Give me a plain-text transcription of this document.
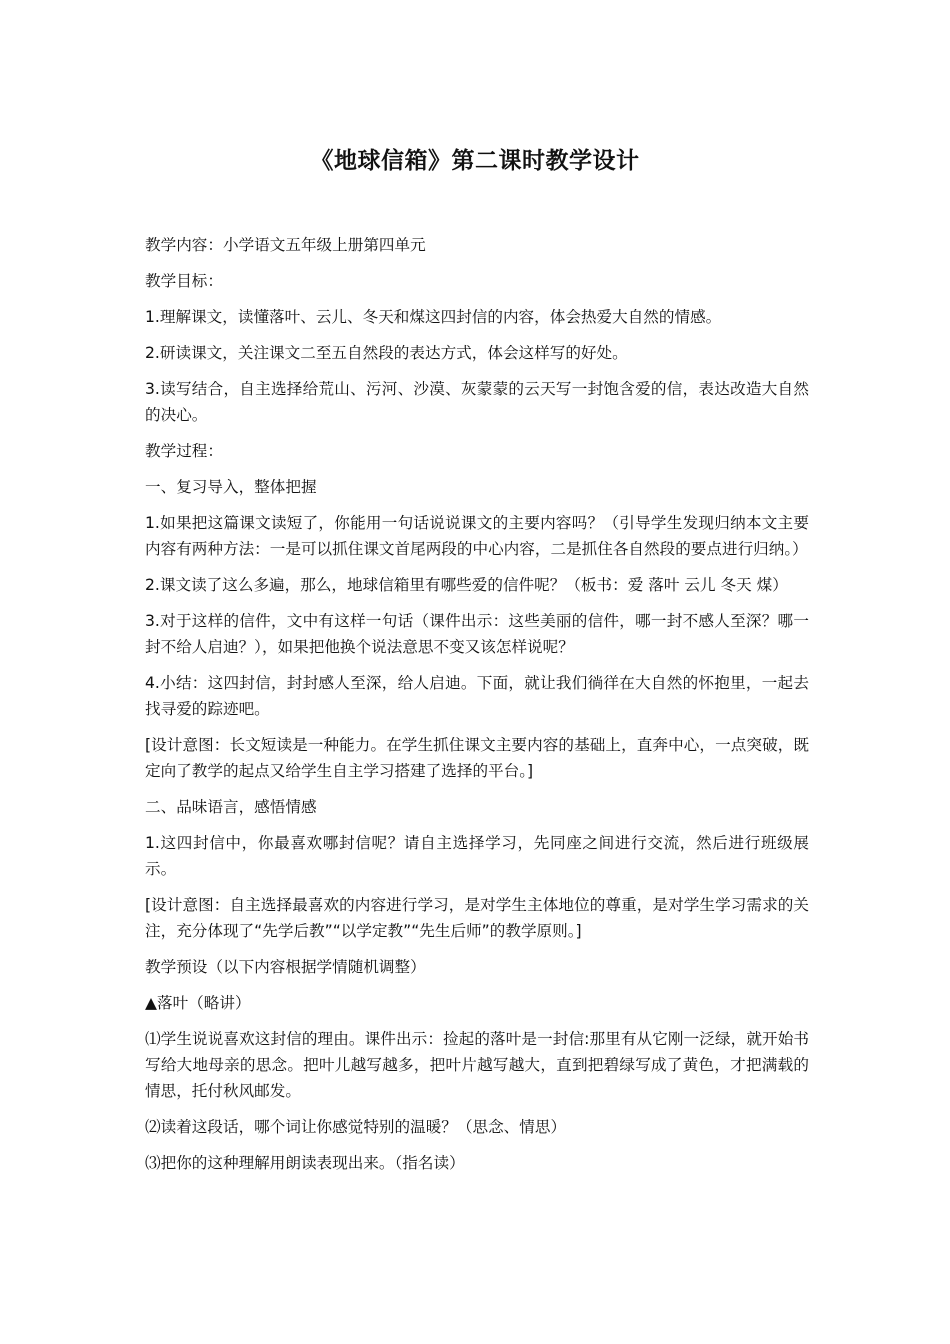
《地球信箱》第二课时教学设计

教学内容：小学语文五年级上册第四单元

教学目标：

1.理解课文，读懂落叶、云儿、冬天和煤这四封信的内容，体会热爱大自然的情感。

2.研读课文，关注课文二至五自然段的表达方式，体会这样写的好处。

3.读写结合，自主选择给荒山、污河、沙漠、灰蒙蒙的云天写一封饱含爱的信，表达改造大自然的决心。

教学过程：

一、复习导入，整体把握

1.如果把这篇课文读短了，你能用一句话说说课文的主要内容吗？（引导学生发现归纳本文主要内容有两种方法：一是可以抓住课文首尾两段的中心内容，二是抓住各自然段的要点进行归纳。）

2.课文读了这么多遍，那么，地球信箱里有哪些爱的信件呢？（板书：爱 落叶 云儿 冬天 煤）

3.对于这样的信件，文中有这样一句话（课件出示：这些美丽的信件，哪一封不感人至深？哪一封不给人启迪？），如果把他换个说法意思不变又该怎样说呢？

4.小结：这四封信，封封感人至深，给人启迪。下面，就让我们徜徉在大自然的怀抱里，一起去找寻爱的踪迹吧。

[设计意图：长文短读是一种能力。在学生抓住课文主要内容的基础上，直奔中心，一点突破，既定向了教学的起点又给学生自主学习搭建了选择的平台。]

二、品味语言，感悟情感

1.这四封信中，你最喜欢哪封信呢？请自主选择学习，先同座之间进行交流，然后进行班级展示。

[设计意图：自主选择最喜欢的内容进行学习，是对学生主体地位的尊重，是对学生学习需求的关注，充分体现了“先学后教”“以学定教”“先生后师”的教学原则。]

教学预设（以下内容根据学情随机调整）

▲落叶（略讲）

⑴学生说说喜欢这封信的理由。课件出示：捡起的落叶是一封信:那里有从它刚一泛绿，就开始书写给大地母亲的思念。把叶儿越写越多，把叶片越写越大，直到把碧绿写成了黄色，才把满载的情思，托付秋风邮发。

⑵读着这段话，哪个词让你感觉特别的温暖？（思念、情思）

⑶把你的这种理解用朗读表现出来。（指名读）
